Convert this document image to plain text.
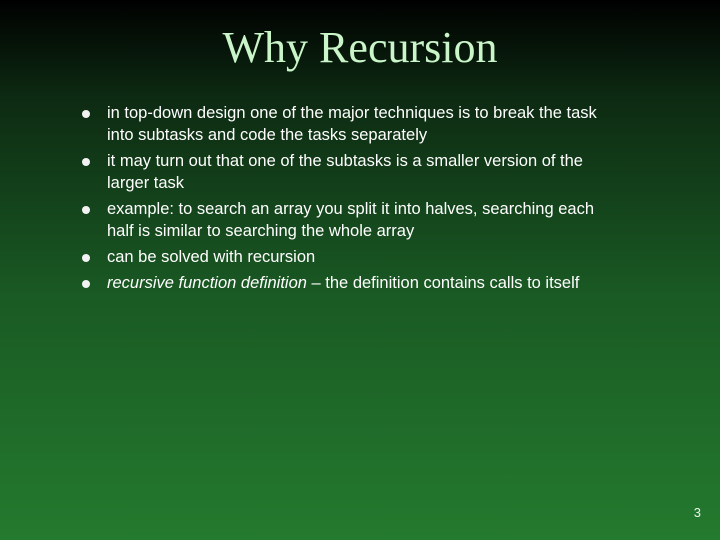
Why Recursion
in top-down design one of the major techniques is to break the task into subtasks and code the tasks separately
it may turn out that one of the subtasks is a smaller version of the larger task
example: to search an array you split it into halves, searching each half is similar to searching the whole array
can be solved with recursion
recursive function definition – the definition contains calls to itself
3
